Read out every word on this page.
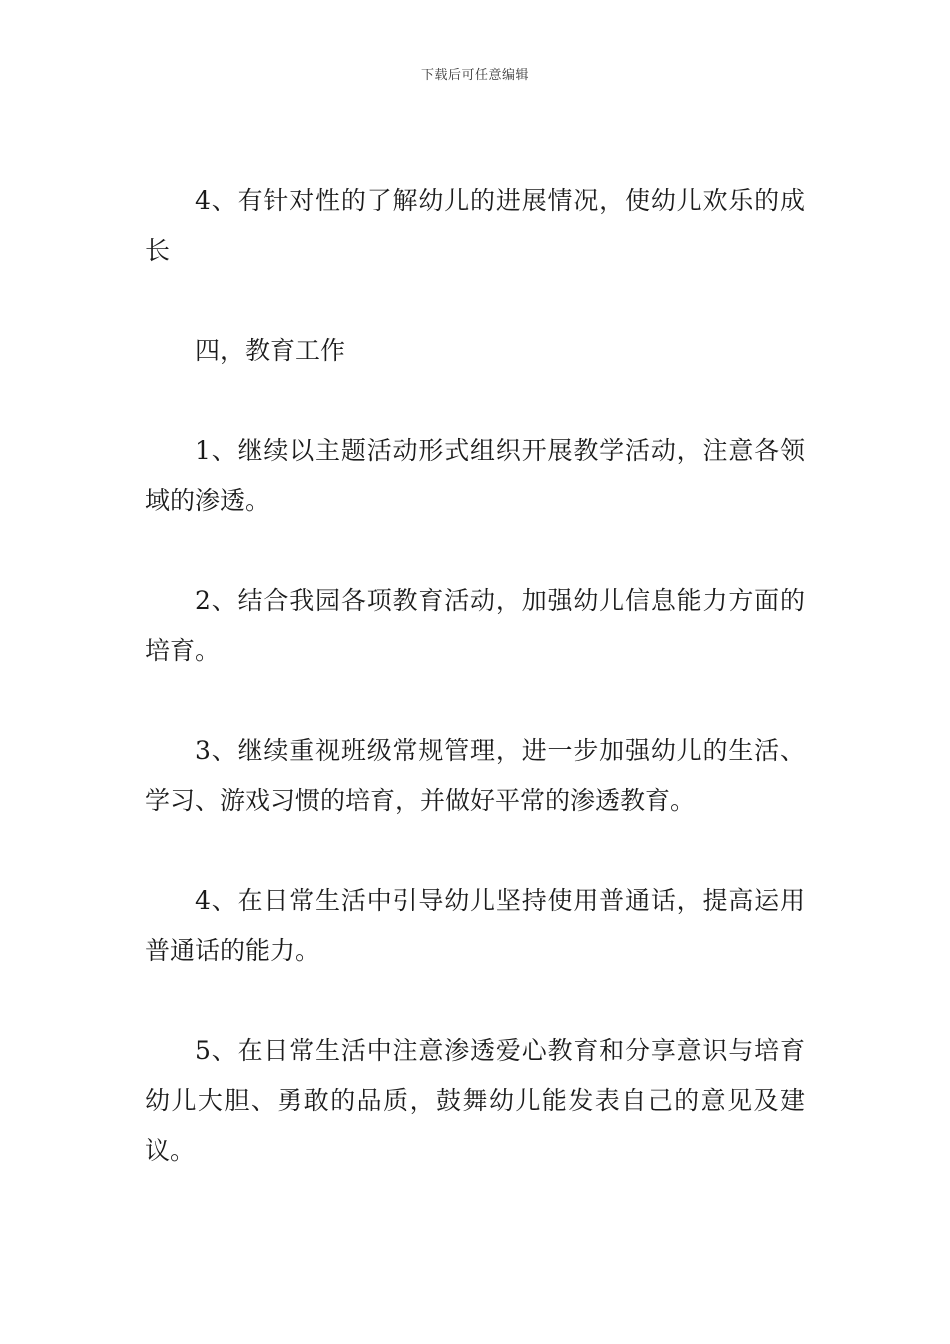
下载后可任意编辑

4、有针对性的了解幼儿的进展情况，使幼儿欢乐的成长

四，教育工作

1、继续以主题活动形式组织开展教学活动，注意各领域的渗透。

2、结合我园各项教育活动，加强幼儿信息能力方面的培育。

3、继续重视班级常规管理，进一步加强幼儿的生活、学习、游戏习惯的培育，并做好平常的渗透教育。

4、在日常生活中引导幼儿坚持使用普通话，提高运用普通话的能力。

5、在日常生活中注意渗透爱心教育和分享意识与培育幼儿大胆、勇敢的品质，鼓舞幼儿能发表自己的意见及建议。
